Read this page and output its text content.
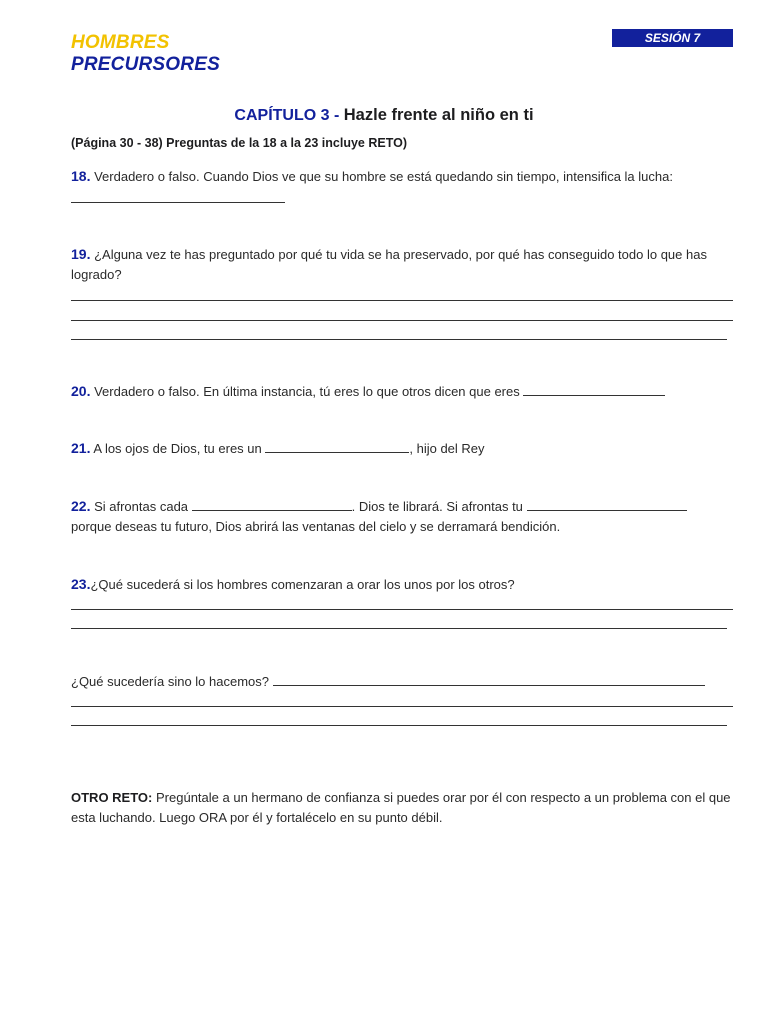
HOMBRES
PRECURSORES
SESIÓN 7
CAPÍTULO 3 - Hazle frente al niño en ti
(Página 30 - 38) Preguntas de la 18 a la 23 incluye RETO)
18. Verdadero o falso. Cuando Dios ve que su hombre se está quedando sin tiempo, intensifica la lucha:
19. ¿Alguna vez te has preguntado por qué tu vida se ha preservado, por qué has conseguido todo lo que has logrado?
20. Verdadero o falso. En última instancia, tú eres lo que otros dicen que eres
21. A los ojos de Dios, tu eres un	, hijo del Rey
22. Si afrontas cada	. Dios te librará. Si afrontas tu
porque deseas tu futuro, Dios abrirá las ventanas del cielo y se derramará bendición.
23.¿Qué sucederá si los hombres comenzaran a orar los unos por los otros?
¿Qué sucedería sino lo hacemos?
OTRO RETO: Pregúntale a un hermano de confianza si puedes orar por él con respecto a un problema con el que esta luchando. Luego ORA por él y fortalécelo en su punto débil.
